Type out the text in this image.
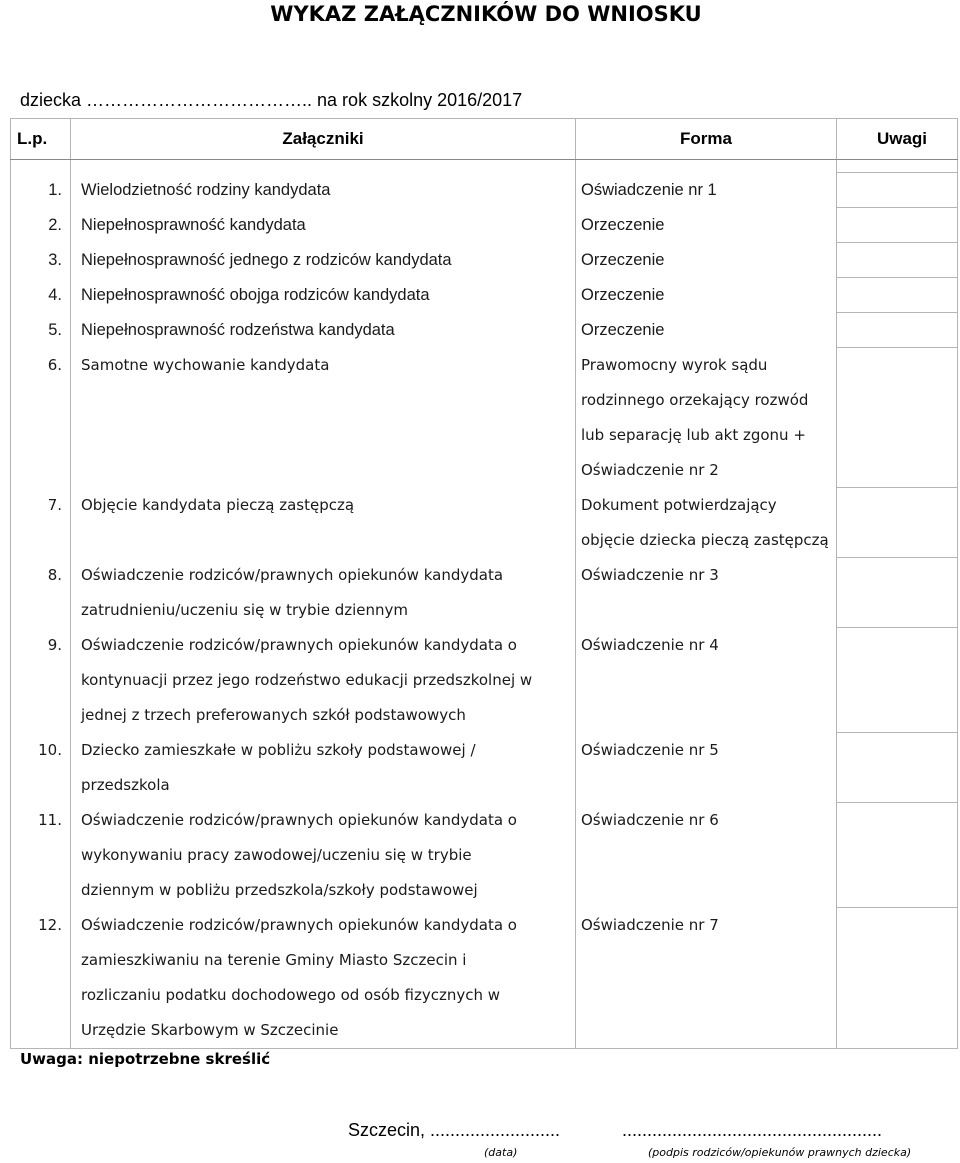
WYKAZ ZAŁĄCZNIKÓW DO WNIOSKU
dziecka ……………………………….. na rok szkolny 2016/2017
L.p.	Załączniki	Forma	Uwagi

1.	Wielodzietność rodziny kandydata	Oświadczenie nr 1	

2.	Niepełnosprawność kandydata	Orzeczenie	

3.	Niepełnosprawność jednego z rodziców kandydata	Orzeczenie	

4.	Niepełnosprawność obojga rodziców kandydata	Orzeczenie	

5.	Niepełnosprawność rodzeństwa kandydata	Orzeczenie	

6.	Samotne wychowanie kandydata	Prawomocny wyrok sądu
rodzinnego orzekający rozwód
lub separację lub akt zgonu +
Oświadczenie nr 2	

7.	Objęcie kandydata pieczą zastępczą	Dokument potwierdzający
objęcie dziecka pieczą zastępczą	

8.	Oświadczenie rodziców/prawnych opiekunów kandydata
zatrudnieniu/uczeniu się w trybie dziennym	Oświadczenie nr 3	

9.	Oświadczenie rodziców/prawnych opiekunów kandydata o
kontynuacji przez jego rodzeństwo edukacji przedszkolnej w
jednej z trzech preferowanych szkół podstawowych	Oświadczenie nr 4	

10.	Dziecko zamieszkałe w pobliżu szkoły podstawowej /
przedszkola	Oświadczenie nr 5	

11.	Oświadczenie rodziców/prawnych opiekunów kandydata o
wykonywaniu pracy zawodowej/uczeniu się w trybie
dziennym w pobliżu przedszkola/szkoły podstawowej	Oświadczenie nr 6	

12.	Oświadczenie rodziców/prawnych opiekunów kandydata o
zamieszkiwaniu na terenie Gminy Miasto Szczecin i
rozliczaniu podatku dochodowego od osób fizycznych w
Urzędzie Skarbowym w Szczecinie	Oświadczenie nr 7	

Uwaga: niepotrzebne skreślić
Szczecin, ..........................
(data)
....................................................
(podpis rodziców/opiekunów prawnych dziecka)
